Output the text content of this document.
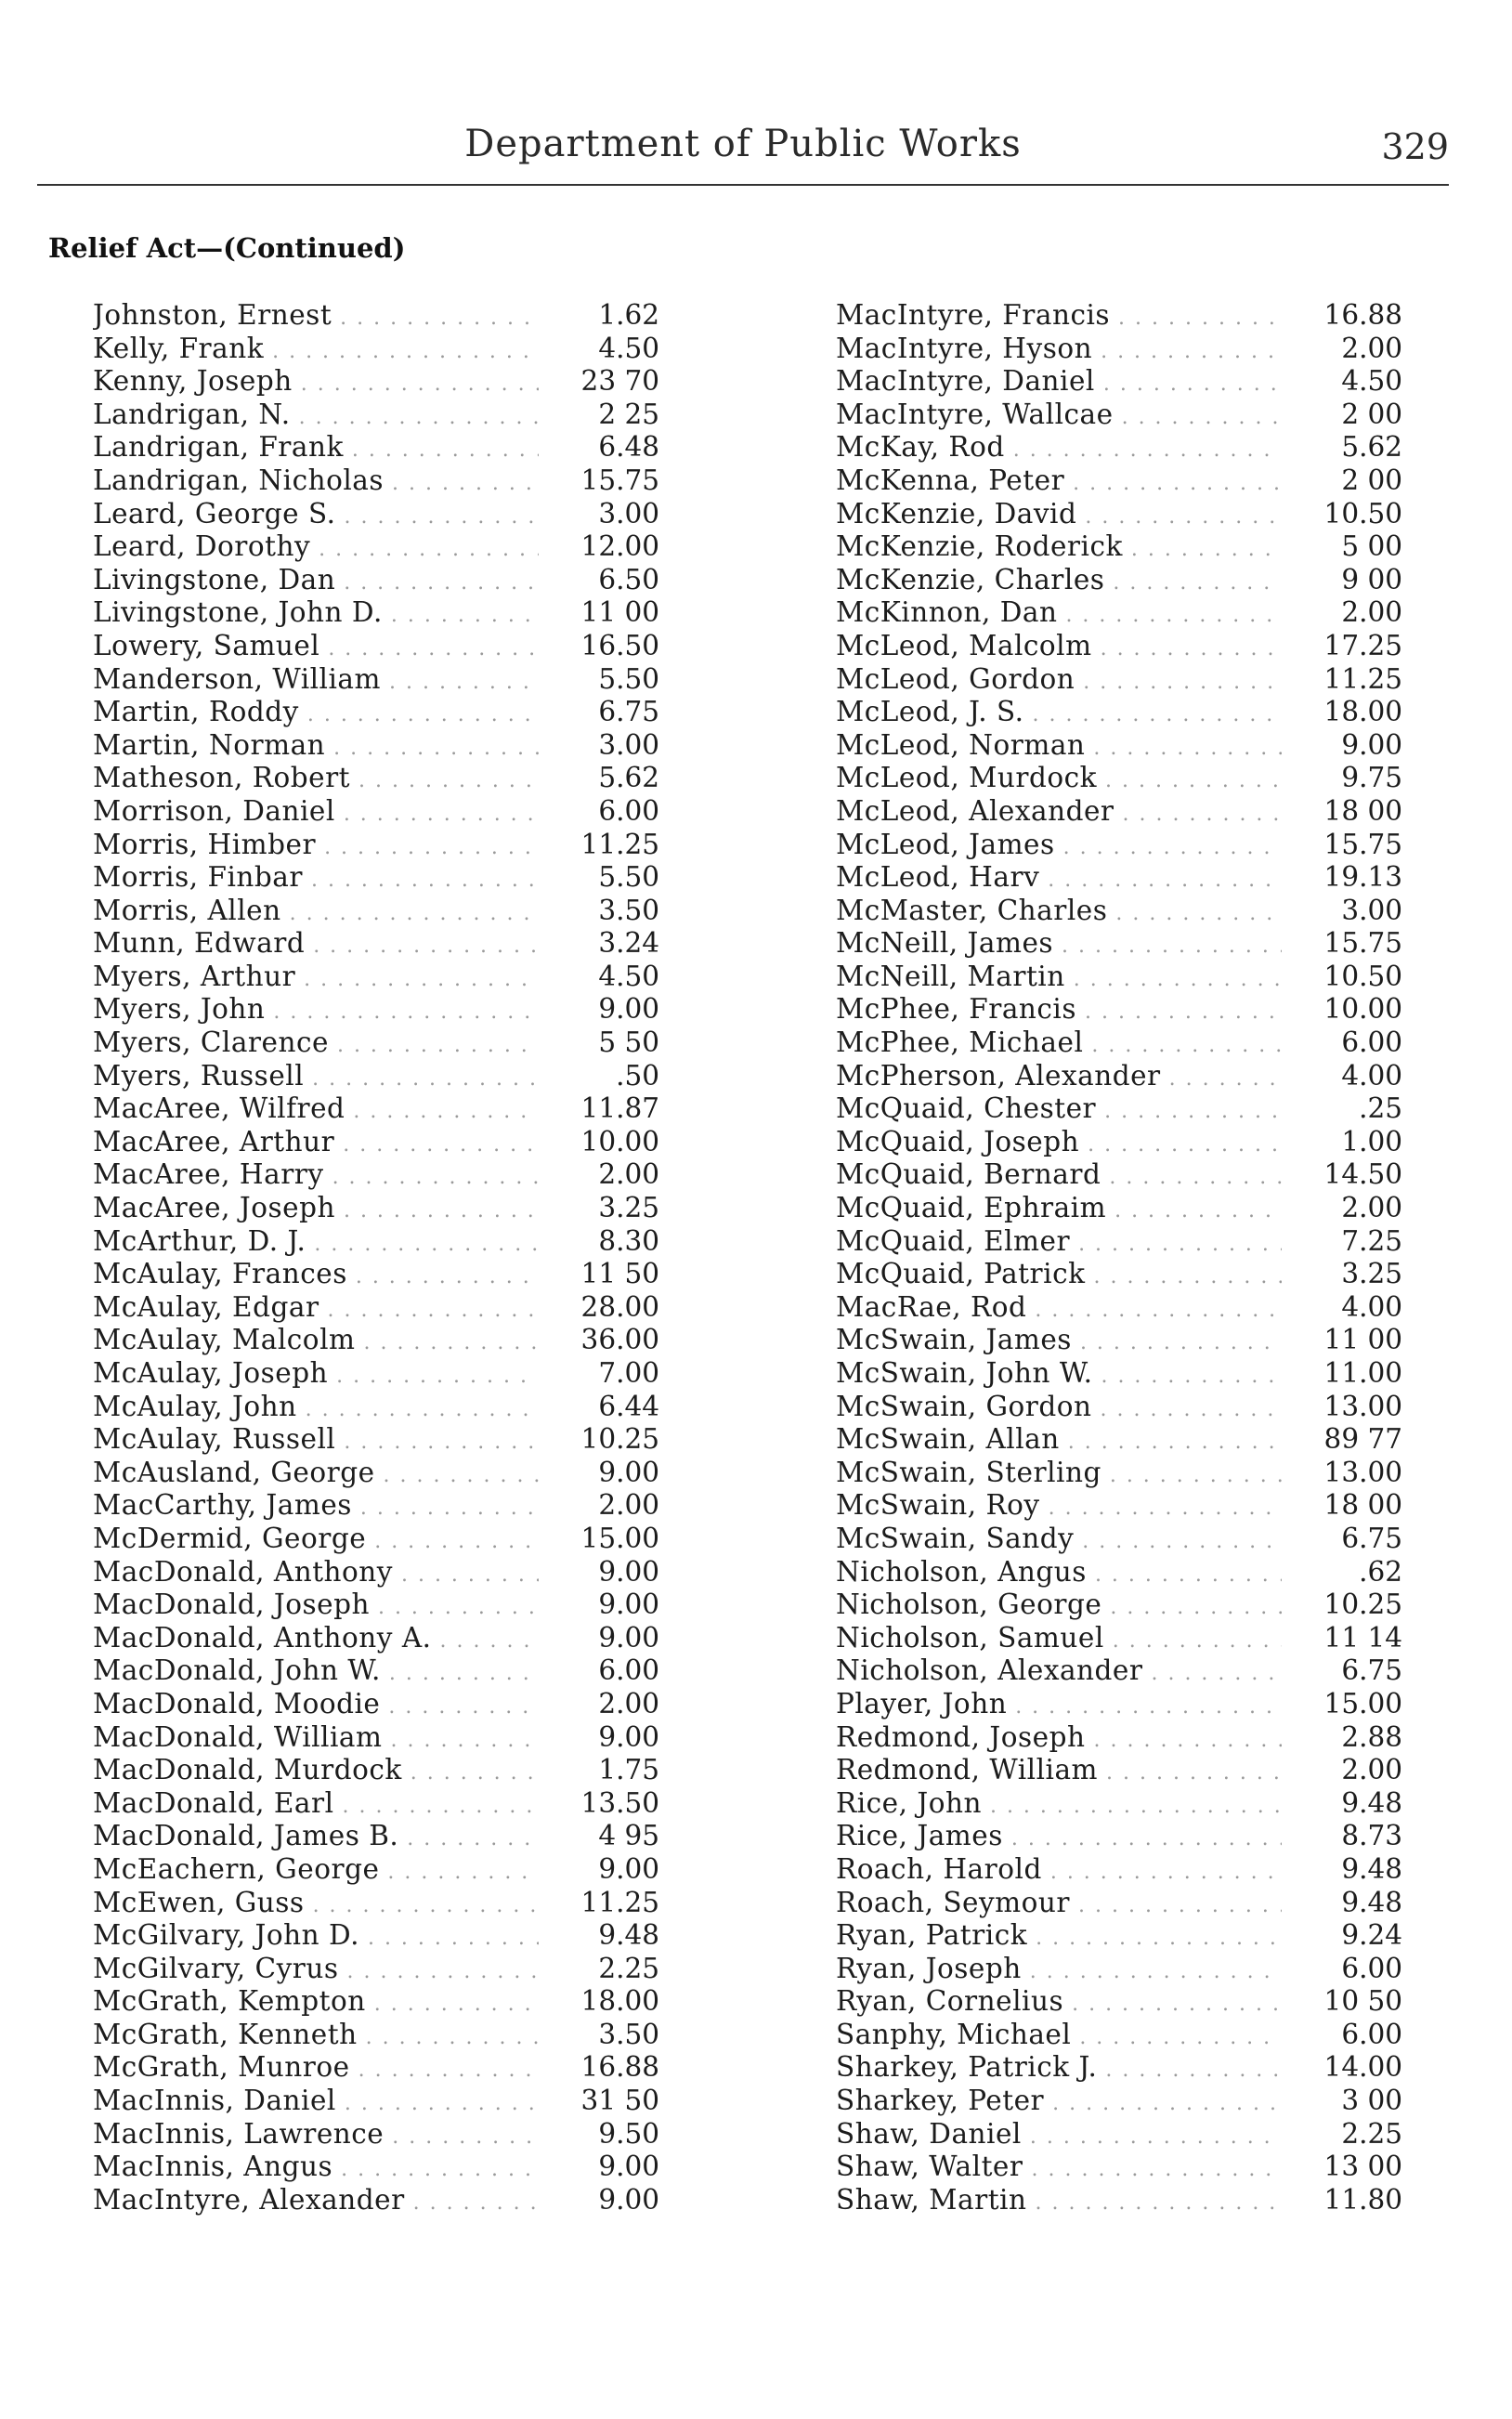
Department of Public Works	329
Relief Act—(Continued)
Johnston, Ernest . . .	1.62
Kelly, Frank . . .	4.50
Kenny, Joseph . . .	23 70
Landrigan, N. . . .	2 25
Landrigan, Frank . . .	6.48
Landrigan, Nicholas . . .	15.75
Leard, George S. . . .	3.00
Leard, Dorothy . . .	12.00
Livingstone, Dan . . .	6.50
Livingstone, John D. . . .	11 00
Lowery, Samuel . . .	16.50
Manderson, William . . .	5.50
Martin, Roddy . . .	6.75
Martin, Norman . . .	3.00
Matheson, Robert . . .	5.62
Morrison, Daniel . . .	6.00
Morris, Himber . . .	11.25
Morris, Finbar . . .	5.50
Morris, Allen . . .	3.50
Munn, Edward . . .	3.24
Myers, Arthur . . .	4.50
Myers, John . . .	9.00
Myers, Clarence . . .	5 50
Myers, Russell . . .	.50
MacAree, Wilfred . . .	11.87
MacAree, Arthur . . .	10.00
MacAree, Harry . . .	2.00
MacAree, Joseph . . .	3.25
McArthur, D. J. . . .	8.30
McAulay, Frances . . .	11 50
McAulay, Edgar . . .	28.00
McAulay, Malcolm . . .	36.00
McAulay, Joseph . . .	7.00
McAulay, John . . .	6.44
McAulay, Russell . . .	10.25
McAusland, George . . .	9.00
MacCarthy, James . . .	2.00
McDermid, George . . .	15.00
MacDonald, Anthony . . .	9.00
MacDonald, Joseph . . .	9.00
MacDonald, Anthony A. . . .	9.00
MacDonald, John W. . . .	6.00
MacDonald, Moodie . . .	2.00
MacDonald, William . . .	9.00
MacDonald, Murdock . . .	1.75
MacDonald, Earl . . .	13.50
MacDonald, James B. . . .	4 95
McEachern, George . . .	9.00
McEwen, Guss . . .	11.25
McGilvary, John D. . . .	9.48
McGilvary, Cyrus . . .	2.25
McGrath, Kempton . . .	18.00
McGrath, Kenneth . . .	3.50
McGrath, Munroe . . .	16.88
MacInnis, Daniel . . .	31 50
MacInnis, Lawrence . . .	9.50
MacInnis, Angus . . .	9.00
MacIntyre, Alexander . . .	9.00
MacIntyre, Francis . . .	16.88
MacIntyre, Hyson . . .	2.00
MacIntyre, Daniel . . .	4.50
MacIntyre, Wallcae . . .	2 00
McKay, Rod . . .	5.62
McKenna, Peter . . .	2 00
McKenzie, David . . .	10.50
McKenzie, Roderick . . .	5 00
McKenzie, Charles . . .	9 00
McKinnon, Dan . . .	2.00
McLeod, Malcolm . . .	17.25
McLeod, Gordon . . .	11.25
McLeod, J. S. . . .	18.00
McLeod, Norman . . .	9.00
McLeod, Murdock . . .	9.75
McLeod, Alexander . . .	18 00
McLeod, James . . .	15.75
McLeod, Harv . . .	19.13
McMaster, Charles . . .	3.00
McNeill, James . . .	15.75
McNeill, Martin . . .	10.50
McPhee, Francis . . .	10.00
McPhee, Michael . . .	6.00
McPherson, Alexander . . .	4.00
McQuaid, Chester . . .	.25
McQuaid, Joseph . . .	1.00
McQuaid, Bernard . . .	14.50
McQuaid, Ephraim . . .	2.00
McQuaid, Elmer . . .	7.25
McQuaid, Patrick . . .	3.25
MacRae, Rod . . .	4.00
McSwain, James . . .	11 00
McSwain, John W. . . .	11.00
McSwain, Gordon . . .	13.00
McSwain, Allan . . .	89 77
McSwain, Sterling . . .	13.00
McSwain, Roy . . .	18 00
McSwain, Sandy . . .	6.75
Nicholson, Angus . . .	.62
Nicholson, George . . .	10.25
Nicholson, Samuel . . .	11 14
Nicholson, Alexander . . .	6.75
Player, John . . .	15.00
Redmond, Joseph . . .	2.88
Redmond, William . . .	2.00
Rice, John . . .	9.48
Rice, James . . .	8.73
Roach, Harold . . .	9.48
Roach, Seymour . . .	9.48
Ryan, Patrick . . .	9.24
Ryan, Joseph . . .	6.00
Ryan, Cornelius . . .	10 50
Sanphy, Michael . . .	6.00
Sharkey, Patrick J. . . .	14.00
Sharkey, Peter . . .	3 00
Shaw, Daniel . . .	2.25
Shaw, Walter . . .	13 00
Shaw, Martin . . .	11.80
